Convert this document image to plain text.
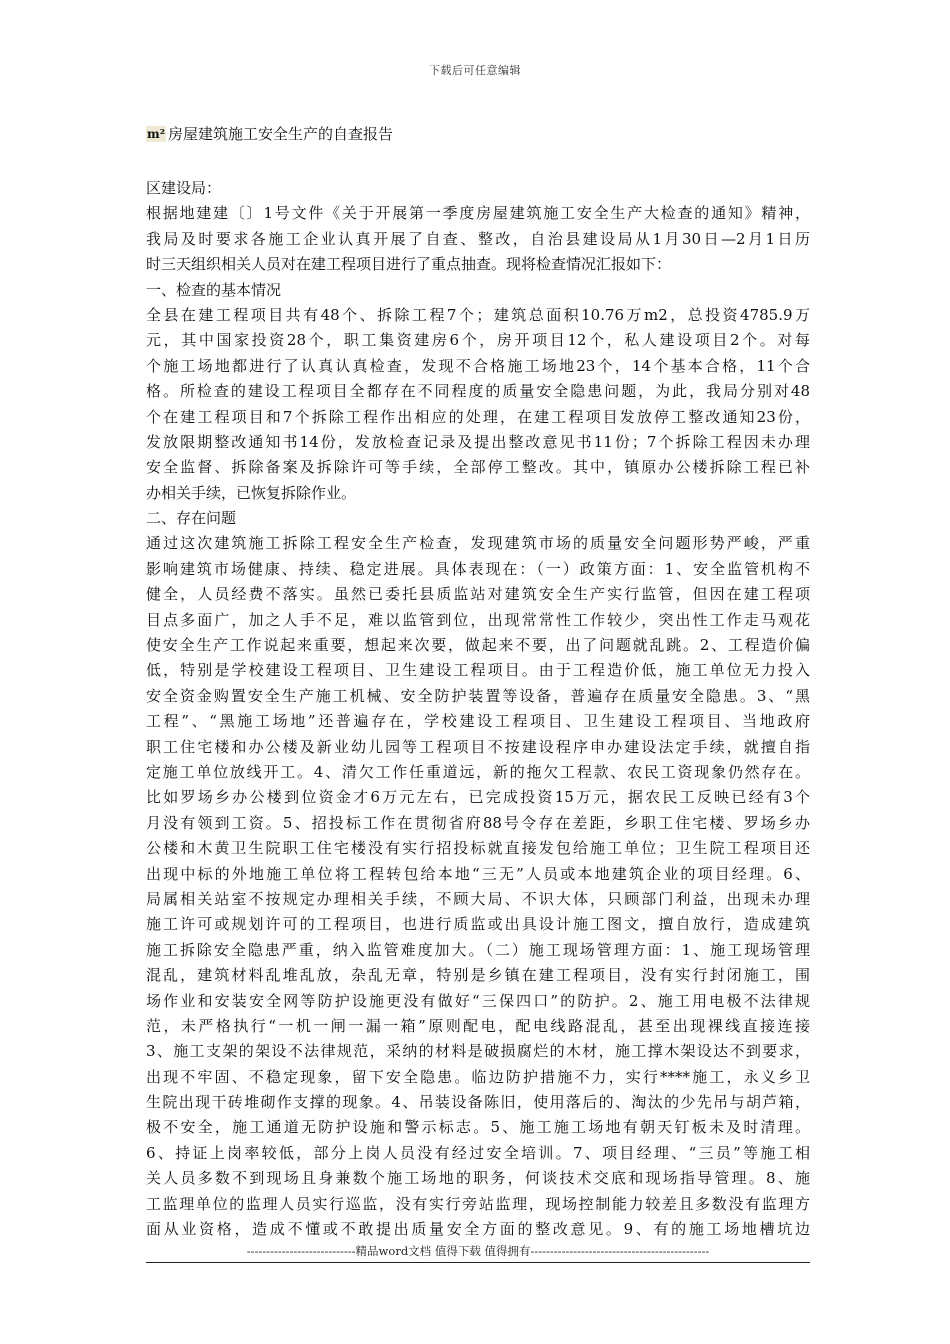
下载后可任意编辑
m² 房屋建筑施工安全生产的自查报告
区建设局：
根据地建建〔〕1号文件《关于开展第一季度房屋建筑施工安全生产大检查的通知》精神，
我局及时要求各施工企业认真开展了自查、整改，自治县建设局从1月30日—2月1日历
时三天组织相关人员对在建工程项目进行了重点抽查。现将检查情况汇报如下：
一、检查的基本情况
全县在建工程项目共有48个、拆除工程7个；建筑总面积10.76万m2，总投资4785.9万
元，其中国家投资28个，职工集资建房6个，房开项目12个，私人建设项目2个。对每
个施工场地都进行了认真认真检查，发现不合格施工场地23个，14个基本合格，11个合
格。所检查的建设工程项目全都存在不同程度的质量安全隐患问题，为此，我局分别对48
个在建工程项目和7个拆除工程作出相应的处理，在建工程项目发放停工整改通知23份，
发放限期整改通知书14份，发放检查记录及提出整改意见书11份；7个拆除工程因未办理
安全监督、拆除备案及拆除许可等手续，全部停工整改。其中，镇原办公楼拆除工程已补
办相关手续，已恢复拆除作业。
二、存在问题
通过这次建筑施工拆除工程安全生产检查，发现建筑市场的质量安全问题形势严峻，严重
影响建筑市场健康、持续、稳定进展。具体表现在：（一）政策方面：1、安全监管机构不
健全，人员经费不落实。虽然已委托县质监站对建筑安全生产实行监管，但因在建工程项
目点多面广，加之人手不足，难以监管到位，出现常常性工作较少，突出性工作走马观花
使安全生产工作说起来重要，想起来次要，做起来不要，出了问题就乱跳。2、工程造价偏
低，特别是学校建设工程项目、卫生建设工程项目。由于工程造价低，施工单位无力投入
安全资金购置安全生产施工机械、安全防护装置等设备，普遍存在质量安全隐患。3、“黑
工程”、“黑施工场地”还普遍存在，学校建设工程项目、卫生建设工程项目、当地政府
职工住宅楼和办公楼及新业幼儿园等工程项目不按建设程序申办建设法定手续，就擅自指
定施工单位放线开工。4、清欠工作任重道远，新的拖欠工程款、农民工资现象仍然存在。
比如罗场乡办公楼到位资金才6万元左右，已完成投资15万元，据农民工反映已经有3个
月没有领到工资。5、招投标工作在贯彻省府88号令存在差距，乡职工住宅楼、罗场乡办
公楼和木黄卫生院职工住宅楼没有实行招投标就直接发包给施工单位；卫生院工程项目还
出现中标的外地施工单位将工程转包给本地“三无”人员或本地建筑企业的项目经理。6、
局属相关站室不按规定办理相关手续，不顾大局、不识大体，只顾部门利益，出现未办理
施工许可或规划许可的工程项目，也进行质监或出具设计施工图文，擅自放行，造成建筑
施工拆除安全隐患严重，纳入监管难度加大。（二）施工现场管理方面：1、施工现场管理
混乱，建筑材料乱堆乱放，杂乱无章，特别是乡镇在建工程项目，没有实行封闭施工，围
场作业和安装安全网等防护设施更没有做好“三保四口”的防护。2、施工用电极不法律规
范，未严格执行“一机一闸一漏一箱”原则配电，配电线路混乱，甚至出现裸线直接连接
3、施工支架的架设不法律规范，采纳的材料是破损腐烂的木材，施工撑木架设达不到要求，
出现不牢固、不稳定现象，留下安全隐患。临边防护措施不力，实行****施工，永义乡卫
生院出现干砖堆砌作支撑的现象。4、吊装设备陈旧，使用落后的、淘汰的少先吊与胡芦箱，
极不安全，施工通道无防护设施和警示标志。5、施工施工场地有朝天钉板未及时清理。
6、持证上岗率较低，部分上岗人员没有经过安全培训。7、项目经理、“三员”等施工相
关人员多数不到现场且身兼数个施工场地的职务，何谈技术交底和现场指导管理。8、施
工监理单位的监理人员实行巡监，没有实行旁站监理，现场控制能力较差且多数没有监理方
面从业资格，造成不懂或不敢提出质量安全方面的整改意见。9、有的施工场地槽坑边
----------------------------精品word文档 值得下载 值得拥有----------------------------------------------
